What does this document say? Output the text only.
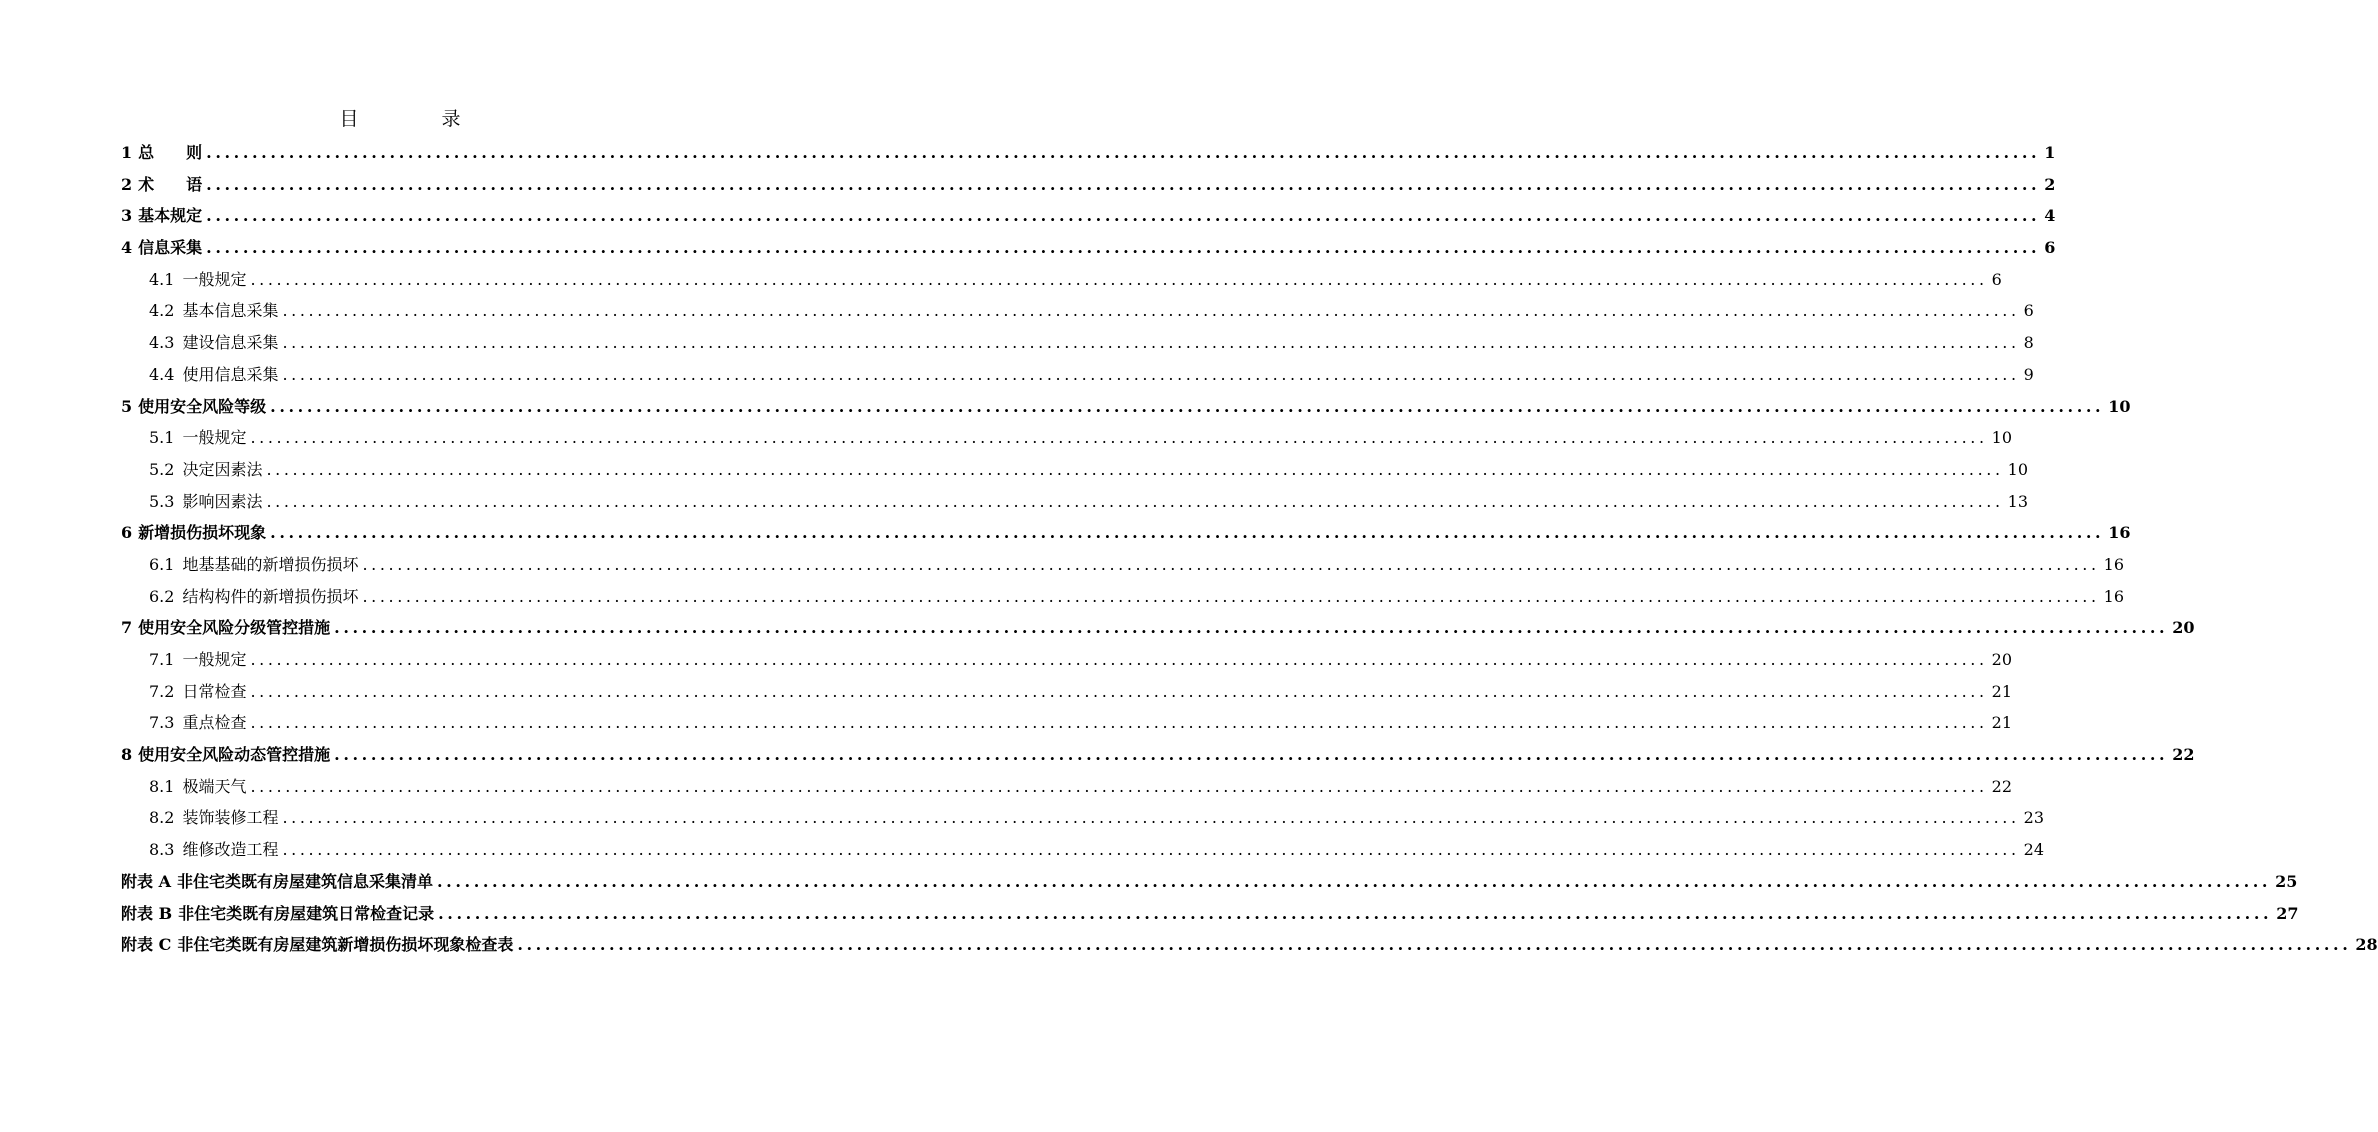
目　录
1 总　　则 ........................................................................................................................................................................................................ 1
2 术　　语 ........................................................................................................................................................................................................ 2
3 基本规定 ........................................................................................................................................................................................................ 4
4 信息采集 ........................................................................................................................................................................................................ 6
4.1 一般规定 ........................................................................................................................................................................................................ 6
4.2 基本信息采集 ........................................................................................................................................................................................................ 6
4.3 建设信息采集 ........................................................................................................................................................................................................ 8
4.4 使用信息采集 ........................................................................................................................................................................................................ 9
5 使用安全风险等级 ........................................................................................................................................................................................................ 10
5.1 一般规定 ........................................................................................................................................................................................................ 10
5.2 决定因素法 ........................................................................................................................................................................................................ 10
5.3 影响因素法 ........................................................................................................................................................................................................ 13
6 新增损伤损坏现象 ........................................................................................................................................................................................................ 16
6.1 地基基础的新增损伤损坏 ........................................................................................................................................................................................................ 16
6.2 结构构件的新增损伤损坏 ........................................................................................................................................................................................................ 16
7 使用安全风险分级管控措施 ........................................................................................................................................................................................................ 20
7.1 一般规定 ........................................................................................................................................................................................................ 20
7.2 日常检查 ........................................................................................................................................................................................................ 21
7.3 重点检查 ........................................................................................................................................................................................................ 21
8 使用安全风险动态管控措施 ........................................................................................................................................................................................................ 22
8.1 极端天气 ........................................................................................................................................................................................................ 22
8.2 装饰装修工程 ........................................................................................................................................................................................................ 23
8.3 维修改造工程 ........................................................................................................................................................................................................ 24
附表 A 非住宅类既有房屋建筑信息采集清单 ........................................................................................................................................................................................................ 25
附表 B 非住宅类既有房屋建筑日常检查记录 ........................................................................................................................................................................................................ 27
附表 C 非住宅类既有房屋建筑新增损伤损坏现象检查表 ........................................................................................................................................................................................................ 28
